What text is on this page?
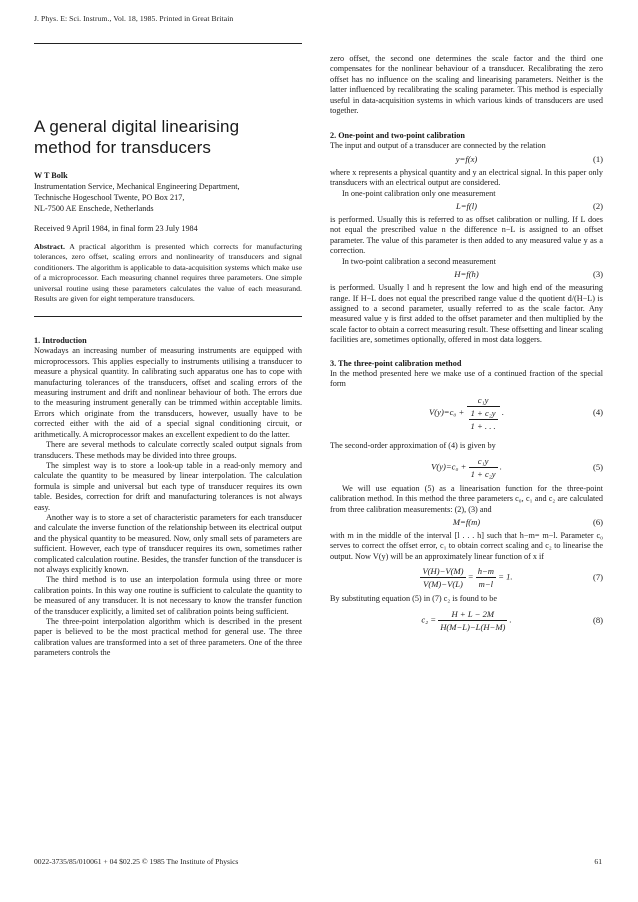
J. Phys. E: Sci. Instrum., Vol. 18, 1985. Printed in Great Britain
A general digital linearising
method for transducers
W T Bolk
Instrumentation Service, Mechanical Engineering Department,
Technische Hogeschool Twente, PO Box 217,
NL-7500 AE Enschede, Netherlands
Received 9 April 1984, in final form 23 July 1984
Abstract. A practical algorithm is presented which corrects for manufacturing tolerances, zero offset, scaling errors and nonlinearity of transducers and signal conditioners. The algorithm is applicable to data-acquisition systems which make use of a microprocessor. Each measuring channel requires three parameters. One simple universal routine using these parameters calculates the value of each measurand. Results are given for eight temperature transducers.
1. Introduction

Nowadays an increasing number of measuring instruments are equipped with microprocessors. This applies especially to instruments utilising a transducer to measure a physical quantity. In calibrating such apparatus one has to cope with manufacturing tolerances of the transducers, offset and scaling errors of the measuring instrument and drift and nonlinear behaviour of both. The errors due to the measuring instrument generally can be trimmed within acceptable limits. Errors which originate from the transducers, however, usually have to be corrected either with the aid of a special signal conditioning circuit, or arithmetically. A microprocessor makes an excellent expedient to do the latter.

There are several methods to calculate correctly scaled output signals from transducers. These methods may be divided into three groups.

The simplest way is to store a look-up table in a read-only memory and calculate the quantity to be measured by linear interpolation. The calculation formula is simple and universal but each type of transducer requires its own table. Besides, correction for drift and manufacturing tolerances is not always easy.

Another way is to store a set of characteristic parameters for each transducer and calculate the inverse function of the relationship between its electrical output and the physical quantity to be measured. Now, only small sets of parameters are sufficient. However, each type of transducer requires its own, sometimes rather complicated calculation routine. Besides, the transfer function of the transducer is not always explicitly known.

The third method is to use an interpolation formula using three or more calibration points. In this way one routine is sufficient to calculate the quantity to be measured of any transducer. It is not necessary to know the transfer function of the transducer explicitly, a limited set of calibration points being sufficient.

The three-point interpolation algorithm which is described in the present paper is believed to be the most practical method for general use. The three calibration values are transformed into a set of three parameters. One of the three parameters controls the

zero offset, the second one determines the scale factor and the third one compensates for the nonlinear behaviour of a transducer. Recalibrating the zero offset has no influence on the scaling and linearising parameters. Neither is the latter influenced by recalibrating the scaling parameter. This method is especially useful in data-acquisition systems in which various kinds of transducers are used together.

2. One-point and two-point calibration

The input and output of a transducer are connected by the relation

y=f(x)	(1)

where x represents a physical quantity and y an electrical signal. In this paper only transducers with an electrical output are considered.

In one-point calibration only one measurement

L=f(l)	(2)

is performed. Usually this is referred to as offset calibration or nulling. If L does not equal the prescribed value n the difference n−L is assigned to an offset parameter. The value of this parameter is then added to any measured value y as a correction.

In two-point calibration a second measurement

H=f(h)	(3)

is performed. Usually l and h represent the low and high end of the measuring range. If H−L does not equal the prescribed range value d the quotient d/(H−L) is assigned to a second parameter, usually referred to as the scale factor. Any measured value y is first added to the offset parameter and then multiplied by the scale factor to obtain a correct measuring result. These offsetting and linear scaling facilities are, sometimes optionally, offered in most data loggers.

3. The three-point calibration method

In the method presented here we make use of a continued fraction of the special form

$V(y)=c_0 + \frac{\text{c₁y}}{\frac{\text{1 + c₂y}}{1 + . . .}}$ .	(4)

The second-order approximation of (4) is given by

$V(y)=c_0 + \frac{\text{c₁y}}{\text{1 + c₂y}}$ .	(5)

We will use equation (5) as a linearisation function for the three-point calibration method. In this method the three parameters c₀, c₁ and c₂ are calculated from three calibration measurements: (2), (3) and

M=f(m)	(6)

with m in the middle of the interval [l . . . h] such that h−m= m−l. Parameter c₀ serves to correct the offset error, c₁ to obtain correct scaling and c₂ to linearise the output. Now V(y) will be an approximately linear function of x if

$\frac{V(H)-V(M)}{V(M)-V(L)} = \frac{h-m}{m-l} = 1$.	(7)

By substituting equation (5) in (7) c₂ is found to be

$c_2 = \frac{H + L - 2M}{H(M-L)-L(H-M)}$ .	(8)
0022-3735/85/010061 + 04 $02.25 © 1985 The Institute of Physics	61
